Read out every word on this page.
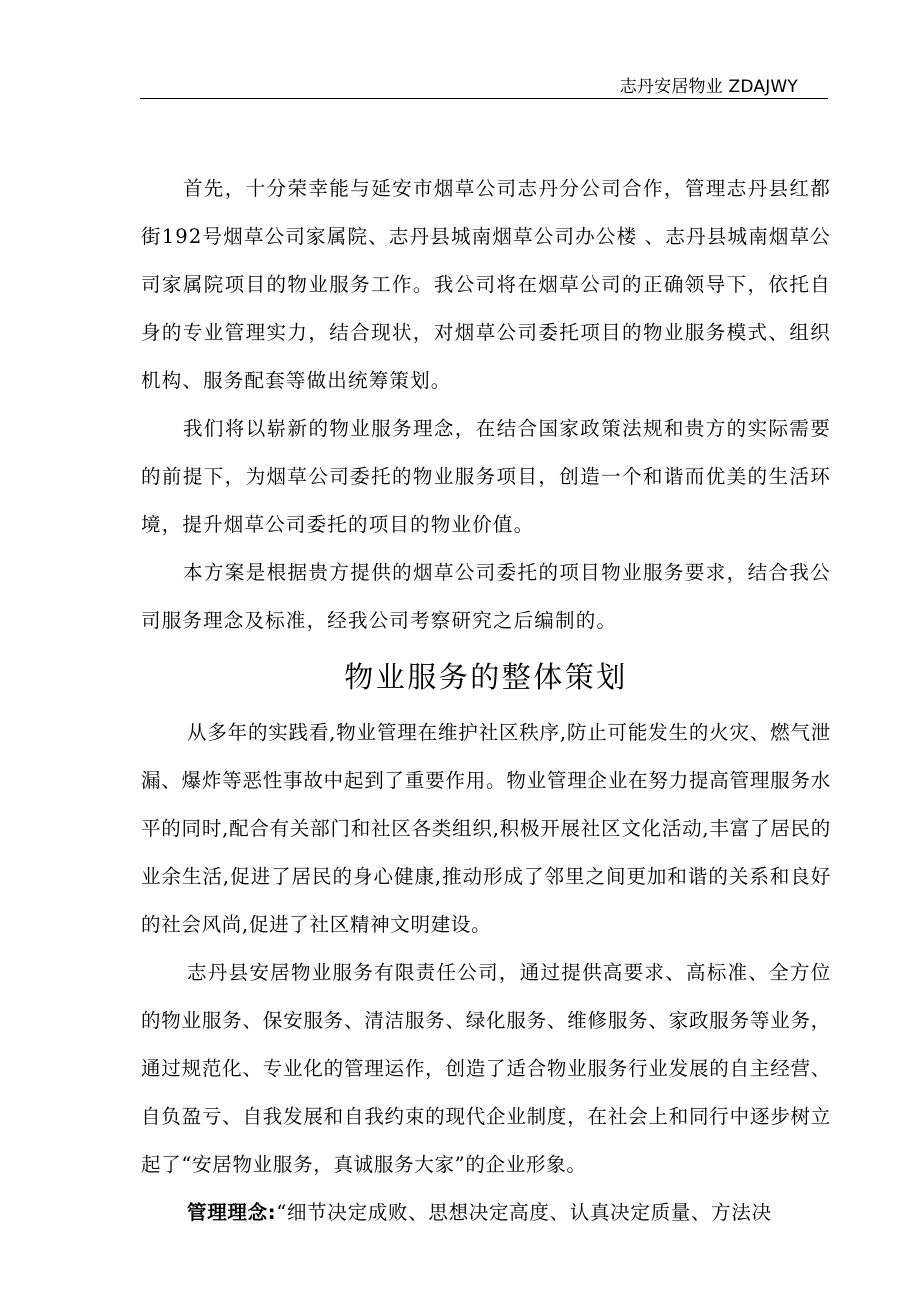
志丹安居物业 ZDAJWY

首先，十分荣幸能与延安市烟草公司志丹分公司合作，管理志丹县红都街192号烟草公司家属院、志丹县城南烟草公司办公楼 、志丹县城南烟草公司家属院项目的物业服务工作。我公司将在烟草公司的正确领导下，依托自身的专业管理实力，结合现状，对烟草公司委托项目的物业服务模式、组织机构、服务配套等做出统筹策划。

我们将以崭新的物业服务理念，在结合国家政策法规和贵方的实际需要的前提下，为烟草公司委托的物业服务项目，创造一个和谐而优美的生活环境，提升烟草公司委托的项目的物业价值。

本方案是根据贵方提供的烟草公司委托的项目物业服务要求，结合我公司服务理念及标准，经我公司考察研究之后编制的。

物业服务的整体策划

从多年的实践看,物业管理在维护社区秩序,防止可能发生的火灾、燃气泄漏、爆炸等恶性事故中起到了重要作用。物业管理企业在努力提高管理服务水平的同时,配合有关部门和社区各类组织,积极开展社区文化活动,丰富了居民的业余生活,促进了居民的身心健康,推动形成了邻里之间更加和谐的关系和良好的社会风尚,促进了社区精神文明建设。

志丹县安居物业服务有限责任公司，通过提供高要求、高标准、全方位的物业服务、保安服务、清洁服务、绿化服务、维修服务、家政服务等业务，通过规范化、专业化的管理运作，创造了适合物业服务行业发展的自主经营、自负盈亏、自我发展和自我约束的现代企业制度，在社会上和同行中逐步树立起了“安居物业服务，真诚服务大家”的企业形象。

管理理念:“细节决定成败、思想决定高度、认真决定质量、方法决
